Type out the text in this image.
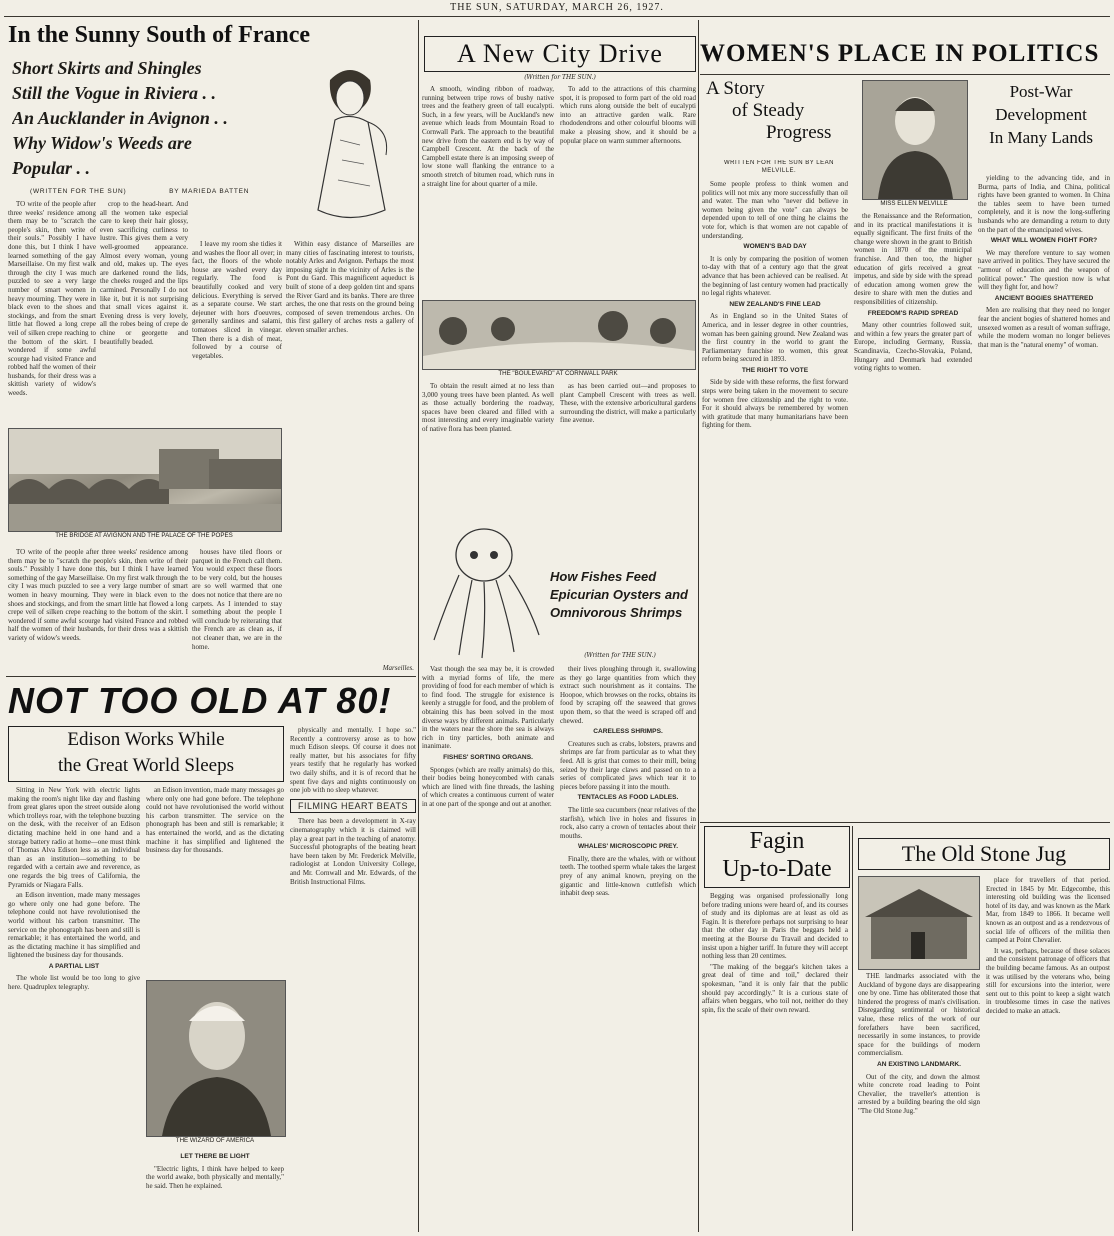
THE SUN, SATURDAY, MARCH 26, 1927.
In the Sunny South of France
Short Skirts and Shingles
Still the Vogue in Riviera . .
An Aucklander in Avignon . .
Why Widow's Weeds are
Popular . .
(WRITTEN FOR THE SUN)	BY MARIEDA BATTEN

TO write of the people after three weeks' residence among them may be to "scratch the people's skin, then write of their souls." Possibly I have done this, but I think I have learned something of the gay Marseillaise. On my first walk through the city I was much puzzled to see a very large number of smart women in heavy mourning. They were in black even to the shoes and stockings, and from the smart little hat flowed a long crepe veil of silken crepe reaching to the bottom of the skirt. I wondered if some awful scourge had visited France and robbed half the women of their husbands, for their dress was a skittish variety of widow's weeds.

crop to the head-heart. And all the women take especial care to keep their hair glossy, even sacrificing curliness to lustre. This gives them a very well-groomed appearance. Almost every woman, young and old, makes up. The eyes are darkened round the lids, the cheeks rouged and the lips carmined. Personally I do not like it, but it is not surprising that small vices against it. Evening dress is very lovely, all the robes being of crepe de chine or georgette and beautifully beaded.

I leave my room she tidies it and washes the floor all over; in fact, the floors of the whole house are washed every day regularly. The food is beautifully cooked and very delicious. Everything is served as a separate course. We start dejeuner with hors d'oeuvres, generally sardines and salami, tomatoes sliced in vinegar. Then there is a dish of meat, followed by a course of vegetables.

Within easy distance of Marseilles are many cities of fascinating interest to tourists, notably Arles and Avignon. Perhaps the most imposing sight in the vicinity of Arles is the Pont du Gard. This magnificent aqueduct is built of stone of a deep golden tint and spans the River Gard and its banks. There are three arches, the one that rests on the ground being composed of seven tremendous arches. On this first gallery of arches rests a gallery of eleven smaller arches.

THE BRIDGE AT AVIGNON AND THE PALACE OF THE POPES

houses have tiled floors or parquet in the French call them. You would expect these floors to be very cold, but the houses are so well warmed that one does not notice that there are no carpets. As I intended to stay something about the people I will conclude by reiterating that the French are as clean as, if not cleaner than, we are in the home.

TO write of the people after three weeks' residence among them may be to "scratch the people's skin, then write of their souls." Possibly I have done this, but I think I have learned something of the gay Marseillaise. On my first walk through the city I was much puzzled to see a very large number of smart women in heavy mourning. They were in black even to the shoes and stockings, and from the smart little hat flowed a long crepe veil of silken crepe reaching to the bottom of the skirt. I wondered if some awful scourge had visited France and robbed half the women of their husbands, for their dress was a skittish variety of widow's weeds.

Marseilles.
A New City Drive
(Written for THE SUN.)

A smooth, winding ribbon of roadway, running between tripe rows of bushy native trees and the feathery green of tall eucalypti. Such, in a few years, will be Auckland's new avenue which leads from Mountain Road to Cornwall Park. The approach to the beautiful new drive from the eastern end is by way of Campbell Crescent. At the back of the Campbell estate there is an imposing sweep of low stone wall flanking the entrance to a smooth stretch of bitumen road, which runs in a straight line for about quarter of a mile.

To add to the attractions of this charming spot, it is proposed to form part of the old road which runs along outside the belt of eucalypti into an attractive garden walk. Rare rhododendrons and other colourful blooms will make a pleasing show, and it should be a popular place on warm summer afternoons.

THE "BOULEVARD" AT CORNWALL PARK

To obtain the result aimed at no less than 3,000 young trees have been planted. As well as those actually bordering the roadway, spaces have been cleared and filled with a most interesting and every imaginable variety of native flora has been planted.

as has been carried out—and proposes to plant Campbell Crescent with trees as well. These, with the extensive arboricultural gardens surrounding the district, will make a particularly fine avenue.

How Fishes Feed Epicurian Oysters and Omnivorous Shrimps
(Written for THE SUN.)

Vast though the sea may be, it is crowded with a myriad forms of life, the mere providing of food for each member of which is to find food. The struggle for existence is keenly a struggle for food, and the problem of obtaining this has been solved in the most diverse ways by different animals. Particularly in the waters near the shore the sea is always rich in tiny particles, both animate and inanimate.

FISHES' SORTING ORGANS.

Sponges (which are really animals) do this, their bodies being honeycombed with canals which are lined with fine threads, the lashing of which creates a continuous current of water in at one part of the sponge and out at another.

their lives ploughing through it, swallowing as they go large quantities from which they extract such nourishment as it contains. The Hoopoe, which browses on the rocks, obtains its food by scraping off the seaweed that grows upon them, so that the weed is scraped off and chewed.

CARELESS SHRIMPS.

Creatures such as crabs, lobsters, prawns and shrimps are far from particular as to what they feed. All is grist that comes to their mill, being seized by their large claws and passed on to a series of complicated jaws which tear it to pieces before passing it into the mouth.

TENTACLES AS FOOD LADLES.

The little sea cucumbers (near relatives of the starfish), which live in holes and fissures in rock, also carry a crown of tentacles about their mouths.

WHALES' MICROSCOPIC PREY.

Finally, there are the whales, with or without teeth. The toothed sperm whale takes the largest prey of any animal known, preying on the gigantic and little-known cuttlefish which inhabit deep seas.

WOMEN'S PLACE IN POLITICS
A Story
of Steady
Progress
WRITTEN FOR THE SUN BY LEAN MELVILLE.
MISS ELLEN MELVILLE
Post-War
Development
In Many Lands

Some people profess to think women and politics will not mix any more successfully than oil and water. The man who "never did believe in women being given the vote" can always be depended upon to tell of one thing he claims the vote for, which is that women are not capable of understanding.

WOMEN'S BAD DAY

It is only by comparing the position of women to-day with that of a century ago that the great advance that has been achieved can be realised. At the beginning of last century women had practically no legal rights whatever.

NEW ZEALAND'S FINE LEAD

As in England so in the United States of America, and in lesser degree in other countries, woman has been gaining ground. New Zealand was the first country in the world to grant the Parliamentary franchise to women, this great reform being secured in 1893.

THE RIGHT TO VOTE

Side by side with these reforms, the first forward steps were being taken in the movement to secure for women free citizenship and the right to vote. For it should always be remembered by women with gratitude that many humanitarians have been fighting for them.

the Renaissance and the Reformation, and in its practical manifestations it is equally significant. The first fruits of the change were shown in the grant to British women in 1870 of the municipal franchise. And then too, the higher education of girls received a great impetus, and side by side with the spread of education among women grew the desire to share with men the duties and responsibilities of citizenship.

FREEDOM'S RAPID SPREAD

Many other countries followed suit, and within a few years the greater part of Europe, including Germany, Russia, Scandinavia, Czecho-Slovakia, Poland, Hungary and Denmark had extended voting rights to women.

yielding to the advancing tide, and in Burma, parts of India, and China, political rights have been granted to women. In China the tables seem to have been turned completely, and it is now the long-suffering husbands who are demanding a return to duty on the part of the emancipated wives.

WHAT WILL WOMEN FIGHT FOR?

We may therefore venture to say women have arrived in politics. They have secured the "armour of education and the weapon of political power." The question now is what will they fight for, and how?

ANCIENT BOGIES SHATTERED

Men are realising that they need no longer fear the ancient bogies of shattered homes and unsexed women as a result of woman suffrage, while the modern woman no longer believes that man is the "natural enemy" of woman.

NOT TOO OLD AT 80!
Edison Works While
the Great World Sleeps

Sitting in New York with electric lights making the room's night like day and flashing from great glares upon the street outside along which trolleys roar, with the telephone buzzing on the desk, with the receiver of an Edison dictating machine held in one hand and a storage battery radio at home—one must think of Thomas Alva Edison less as an individual than as an institution—something to be regarded with a certain awe and reverence, as one regards the big trees of California, the Pyramids or Niagara Falls.

an Edison invention, made many messages go where only one had gone before. The telephone could not have revolutionised the world without his carbon transmitter. The service on the phonograph has been and still is remarkable; it has entertained the world, and as the dictating machine it has simplified and lightened the business day for thousands.

A PARTIAL LIST

The whole list would be too long to give here. Quadruplex telegraphy.

an Edison invention, made many messages go where only one had gone before. The telephone could not have revolutionised the world without his carbon transmitter. The service on the phonograph has been and still is remarkable; it has entertained the world, and as the dictating machine it has simplified and lightened the business day for thousands.

THE WIZARD OF AMERICA
LET THERE BE LIGHT

"Electric lights, I think have helped to keep the world awake, both physically and mentally," he said. Then he explained.

physically and mentally. I hope so." Recently a controversy arose as to how much Edison sleeps. Of course it does not really matter, but his associates for fifty years testify that he regularly has worked two daily shifts, and it is of record that he spent five days and nights continuously on one job with no sleep whatever.

FILMING HEART BEATS

There has been a development in X-ray cinematography which it is claimed will play a great part in the teaching of anatomy. Successful photographs of the beating heart have been taken by Mr. Frederick Melville, radiologist at London University College, and Mr. Cornwall and Mr. Edwards, of the British Instructional Films.

Fagin
Up-to-Date

Begging was organised professionally long before trading unions were heard of, and its courses of study and its diplomas are at least as old as Fagin. It is therefore perhaps not surprising to hear that the other day in Paris the beggars held a meeting at the Bourse du Travail and decided to insist upon a higher tariff. In future they will accept nothing less than 20 centimes.

"The making of the beggar's kitchen takes a great deal of time and toil," declared their spokesman, "and it is only fair that the public should pay accordingly." It is a curious state of affairs when beggars, who toil not, neither do they spin, fix the scale of their own reward.

The Old Stone Jug

THE landmarks associated with the Auckland of bygone days are disappearing one by one. Time has obliterated those that hindered the progress of man's civilisation. Disregarding sentimental or historical value, these relics of the work of our forefathers have been sacrificed, necessarily in some instances, to provide space for the buildings of modern commercialism.

AN EXISTING LANDMARK.

Out of the city, and down the almost white concrete road leading to Point Chevalier, the traveller's attention is arrested by a building bearing the old sign "The Old Stone Jug."

place for travellers of that period. Erected in 1845 by Mr. Edgecombe, this interesting old building was the licensed hotel of its day, and was known as the Mark Mar, from 1849 to 1866. It became well known as an outpost and as a rendezvous of social life of officers of the militia then camped at Point Chevalier.

It was, perhaps, because of these solaces and the consistent patronage of officers that the building became famous. As an outpost it was utilised by the veterans who, being still for excursions into the interior, were sent out to this point to keep a sight watch in troublesome times in case the natives decided to make an attack.
